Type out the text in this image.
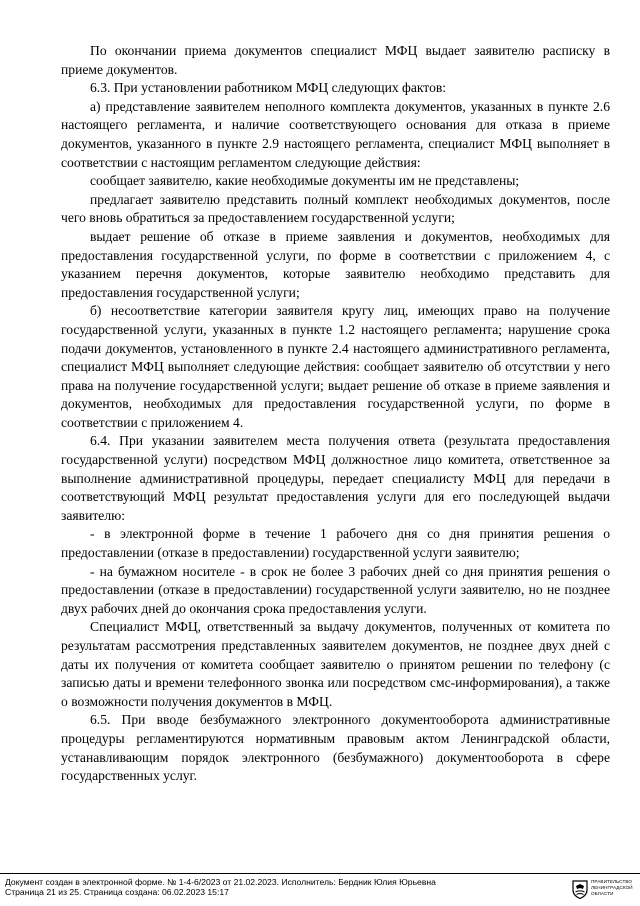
По окончании приема документов специалист МФЦ выдает заявителю расписку в приеме документов.

6.3. При установлении работником МФЦ следующих фактов:

а) представление заявителем неполного комплекта документов, указанных в пункте 2.6 настоящего регламента, и наличие соответствующего основания для отказа в приеме документов, указанного в пункте 2.9 настоящего регламента, специалист МФЦ выполняет в соответствии с настоящим регламентом следующие действия:

сообщает заявителю, какие необходимые документы им не представлены;

предлагает заявителю представить полный комплект необходимых документов, после чего вновь обратиться за предоставлением государственной услуги;

выдает решение об отказе в приеме заявления и документов, необходимых для предоставления государственной услуги, по форме в соответствии с приложением 4, с указанием перечня документов, которые заявителю необходимо представить для предоставления государственной услуги;

б) несоответствие категории заявителя кругу лиц, имеющих право на получение государственной услуги, указанных в пункте 1.2 настоящего регламента; нарушение срока подачи документов, установленного в пункте 2.4 настоящего административного регламента, специалист МФЦ выполняет следующие действия: сообщает заявителю об отсутствии у него права на получение государственной услуги; выдает решение об отказе в приеме заявления и документов, необходимых для предоставления государственной услуги, по форме в соответствии с приложением 4.

6.4. При указании заявителем места получения ответа (результата предоставления государственной услуги) посредством МФЦ должностное лицо комитета, ответственное за выполнение административной процедуры, передает специалисту МФЦ для передачи в соответствующий МФЦ результат предоставления услуги для его последующей выдачи заявителю:

- в электронной форме в течение 1 рабочего дня со дня принятия решения о предоставлении (отказе в предоставлении) государственной услуги заявителю;

- на бумажном носителе - в срок не более 3 рабочих дней со дня принятия решения о предоставлении (отказе в предоставлении) государственной услуги заявителю, но не позднее двух рабочих дней до окончания срока предоставления услуги.

Специалист МФЦ, ответственный за выдачу документов, полученных от комитета по результатам рассмотрения представленных заявителем документов, не позднее двух дней с даты их получения от комитета сообщает заявителю о принятом решении по телефону (с записью даты и времени телефонного звонка или посредством смс-информирования), а также о возможности получения документов в МФЦ.

6.5. При вводе безбумажного электронного документооборота административные процедуры регламентируются нормативным правовым актом Ленинградской области, устанавливающим порядок электронного (безбумажного) документооборота в сфере государственных услуг.

Документ создан в электронной форме. № 1-4-6/2023 от 21.02.2023. Исполнитель: Бердник Юлия Юрьевна
Страница 21 из 25. Страница создана: 06.02.2023 15:17
ПРАВИТЕЛЬСТВО
ЛЕНИНГРАДСКОЙ
ОБЛАСТИ
